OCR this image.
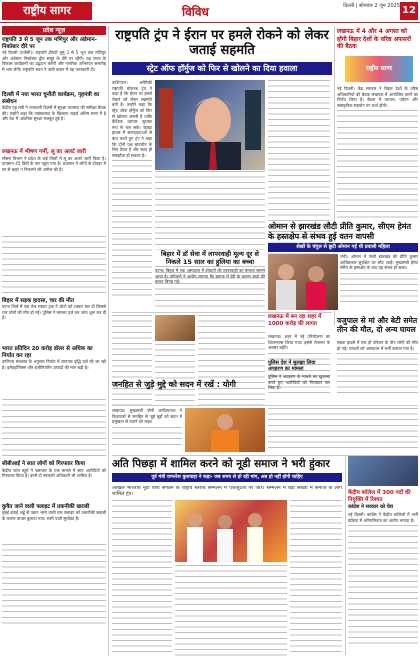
राष्ट्रीय सागर	विविध	दिल्ली | सोमवार 2 जून 2025 12
प्रदेश न्यूज़
राष्ट्रपति 3 से 5 जून तक मणिपुर और अंडेमान-निकोबार दौरे पर
नई दिल्ली (एजेंसी)। राष्ट्रपति द्रौपदी मुर्मु 3 से 5 जून तक मणिपुर और अंडेमान निकोबार द्वीप समूह के दौरे पर रहेंगी। वह राज्य के विकास कार्यक्रमों का उद्घाटन करेंगी और नागरिक अभिनंदन समारोह में भाग लेंगी। राष्ट्रपति भवन ने जारी बयान में यह जानकारी दी।
दिल्ली में नया भारत चुनौती कार्यक्रम, गृहमंत्री का संबोधन
केंद्रीय गृह मंत्री ने राजधानी दिल्ली में सुरक्षा व्यवस्था की समीक्षा बैठक की। उन्होंने कहा कि नक्सलवाद के खिलाफ लड़ाई अंतिम चरण में है और देश में आंतरिक सुरक्षा मजबूत हुई है।
लखनऊ में भीषण गर्मी, लू का अलर्ट जारी
मौसम विभाग ने प्रदेश के कई जिलों में लू का अलर्ट जारी किया है। तापमान 45 डिग्री के पार पहुंच गया है। प्रशासन ने लोगों से दोपहर में घर से बाहर न निकलने की अपील की है।
बिहार में सड़क हादसा, चार की मौत
पटना जिले में एक तेज रफ्तार ट्रक ने ऑटो को टक्कर मार दी जिससे चार लोगों की मौत हो गई। पुलिस ने मामला दर्ज कर जांच शुरू कर दी है।
भारत प्रतिदिन 20 करोड़ डॉलर से अधिक का निर्यात कर रहा
वाणिज्य मंत्रालय के अनुसार निर्यात में लगातार वृद्धि दर्ज की जा रही है। इलेक्ट्रॉनिक्स और इंजीनियरिंग उत्पादों की मांग बढ़ी है।
सीबीआई ने सात लोगों को गिरफ्तार किया
केंद्रीय जांच ब्यूरो ने भ्रष्टाचार के एक मामले में सात आरोपियों को गिरफ्तार किया है। इनमें दो सरकारी अधिकारी भी शामिल हैं।
कुवैत जाने वाली फ्लाइट में तकनीकी खराबी
मुंबई हवाई अड्डे से उड़ान भरने वाली एक फ्लाइट को तकनीकी खराबी के कारण वापस बुलाया गया। सभी यात्री सुरक्षित हैं।
राष्ट्रपति ट्रंप ने ईरान पर हमले रोकने को लेकर जताई सहमति
स्ट्रेट ऑफ हॉर्मुज को फिर से खोलने का दिया हवाला

वाशिंगटन। अमेरिकी राष्ट्रपति डोनाल्ड ट्रंप ने कहा है कि ईरान पर हमले रोकने को लेकर सहमति बनी है। उन्होंने कहा कि स्ट्रेट ऑफ हॉर्मुज को फिर से खोलना जरूरी है ताकि वैश्विक व्यापार सुचारू रूप से चल सके। व्हाइट हाउस में संवाददाताओं से बात करते हुए ट्रंप ने कहा कि दोनों पक्ष बातचीत के लिए तैयार हैं और जल्द ही समझौता हो सकता है।

लखनऊ में 4 और 4 अगस्त को होंगी बिहार देशों के वरिष्ठ अफसरों की बैठक
राष्ट्रीय सागर

नई दिल्ली। केंद्र सरकार ने बिहार देशों के वरिष्ठ अधिकारियों की बैठक लखनऊ में आयोजित करने का निर्णय लिया है। बैठक में व्यापार, पर्यटन और सांस्कृतिक सहयोग पर चर्चा होगी।

बिहार में डॉ सेवा में लापरवाही मूल्य दूर से निकले 15 साल का हुलिया का बच्चा
पटना। बिहार में एक अस्पताल में डॉक्टरों की लापरवाही का मामला सामने आया है। परिजनों ने आरोप लगाया कि इलाज में देरी के कारण बच्चे की हालत बिगड़ गई।
लखनऊ में बन रहा शहर में 1000 करोड़ की लागत

लखनऊ। शहर में नई परियोजना का शिलान्यास किया गया। इससे रोजगार के अवसर बढ़ेंगे।

ओमान से झारखंड लौटी प्रीति कुमार, सीएम हेमंत के हस्तक्षेप से संभव हुई वतन वापसी
शेखों के चंगुल से छूटी ओमान गई थी प्रवासी महिला

रांची। ओमान में फंसी झारखंड की प्रीति कुमार आखिरकार सुरक्षित घर लौट आईं। मुख्यमंत्री हेमंत सोरेन के हस्तक्षेप के बाद यह संभव हो सका।

पुलिस देश ने सुलझा लिया अपहरण का मामला
पुलिस ने अपहरण के मामले का खुलासा करते हुए आरोपियों को गिरफ्तार कर लिया है।
वजुपाल से मां और बेटी समेत तीन की मौत, दो अन्य घायल

सड़क हादसे में एक ही परिवार के तीन लोगों की मौत हो गई। घायलों को अस्पताल में भर्ती कराया गया है।

जनहित से जुड़े मुद्दे को सदन में रखें : योगी

लखनऊ। मुख्यमंत्री योगी आदित्यनाथ ने विधायकों से जनहित से जुड़े मुद्दों को सदन में प्रमुखता से उठाने को कहा।

अति पिछड़ा में शामिल करने को नूडी समाज ने भरी हुंकार
पूर्व मंत्री रामनरेश कुशवाहा ने कहा- जब समय से हो रही मांग, अब हो नहीं होगी चाहिए
अखिल भारतीय नूडी वैश्य संगठन के राष्ट्रीय स्तरीय सम्मेलन में एकजुटता पर जोर। सम्मेलन में बड़ी संख्या में समाज के लोग शामिल हुए।	केंद्रीय कॉलेज में 300 पदों की नियुक्ति में रिश्वत
कांग्रेस ने सरकार को घेरा

नई दिल्ली। कांग्रेस ने केंद्रीय कॉलेजों में भर्ती प्रक्रिया में अनियमितता का आरोप लगाया है।
